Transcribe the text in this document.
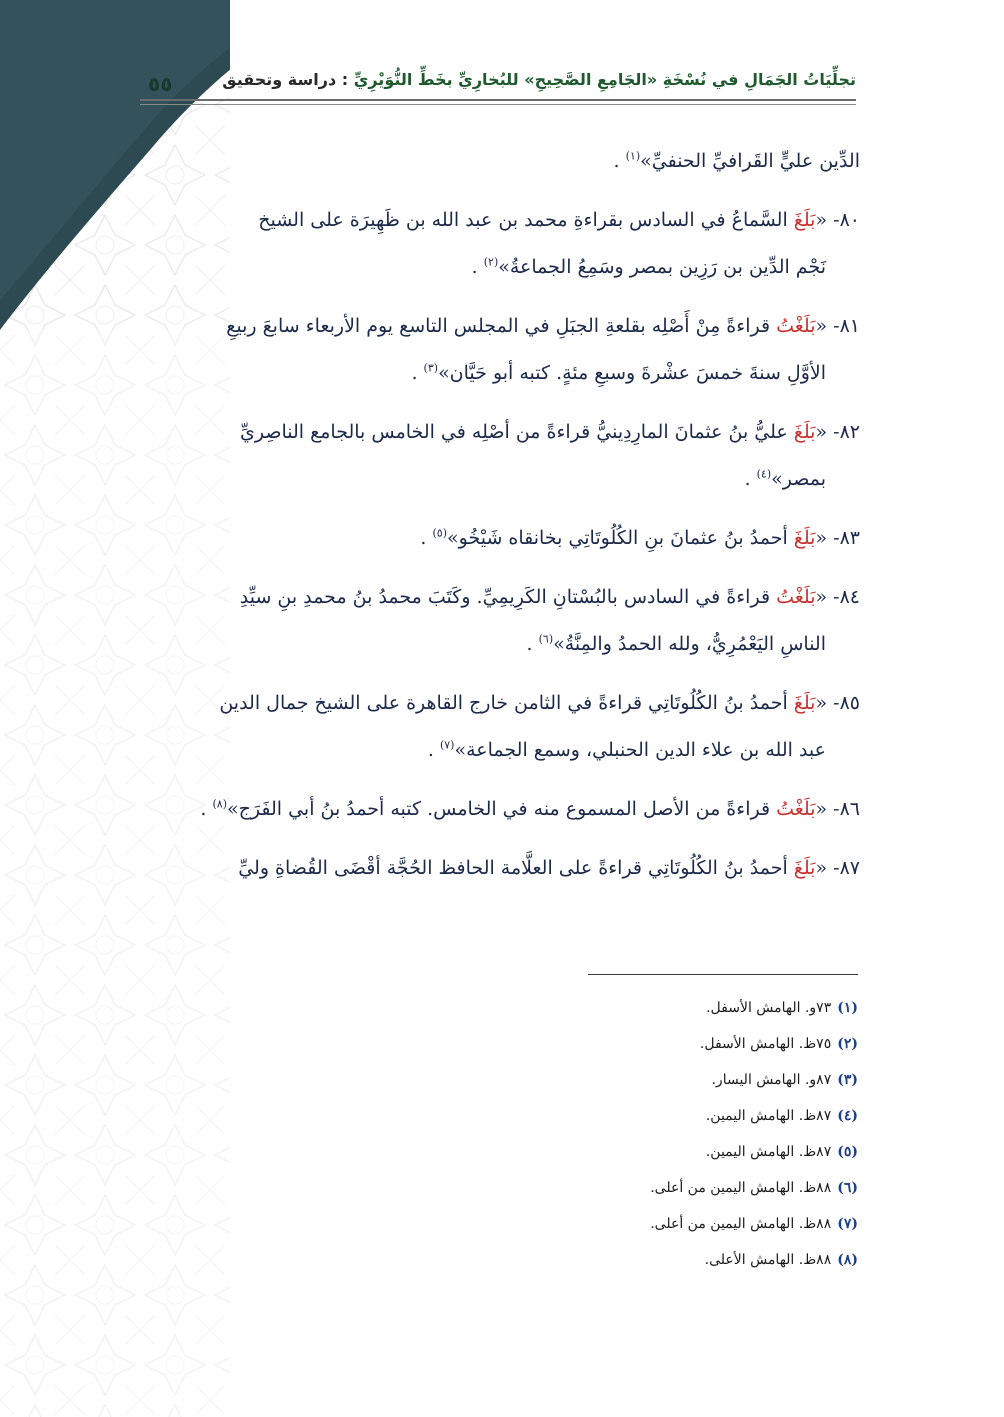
٥٥	تجلِّيَاتُ الجَمَالِ في نُسْخَةِ «الجَامِعِ الصَّحِيحِ» للبُخارِيِّ بخَطِّ النُّوَيْرِيِّ : دراسة وتحقيق
الدِّين عليٍّ القَرافيِّ الحنفيِّ»$^{(١)}$ .
٨٠- «بَلَغَ السَّماعُ في السادس بقراءةِ محمد بن عبد الله بن ظَهِيرَة على الشيخ
نَجْم الدِّين بن رَزِين بمصر وسَمِعُ الجماعةُ»$^{(٢)}$ .
٨١- «بَلَغْتُ قراءةً مِنْ أَصْلِه بقلعةِ الجبَلِ في المجلس التاسع يوم الأربعاء سابعَ ربيعِ
الأوَّلِ سنةَ خمسَ عشْرةَ وسبعِ مئةٍ. كتبه أبو حَيَّان»$^{(٣)}$ .
٨٢- «بَلَغَ عليُّ بنُ عثمانَ المارِدِينيُّ قراءةً من أصْلِه في الخامس بالجامع الناصِريِّ
بمصر»$^{(٤)}$ .
٨٣- «بَلَغَ أحمدُ بنُ عثمانَ بنِ الكُلُوتَاتِي بخانقاه شَيْخُو»$^{(٥)}$ .
٨٤- «بَلَغْتُ قراءةً في السادس بالبُسْتانِ الكَرِيمِيِّ. وكَتَبَ محمدُ بنُ محمدِ بنِ سيِّدِ
الناسِ اليَعْمُرِيُّ، ولله الحمدُ والمِنَّةُ»$^{(٦)}$ .
٨٥- «بَلَغَ أحمدُ بنُ الكُلُوتَاتِي قراءةً في الثامن خارج القاهرة على الشيخ جمال الدين
عبد الله بن علاء الدين الحنبلي، وسمع الجماعة»$^{(٧)}$ .
٨٦- «بَلَغْتُ قراءةً من الأصل المسموع منه في الخامس. كتبه أحمدُ بنُ أبي الفَرَج»$^{(٨)}$ .
٨٧- «بَلَغَ أحمدُ بنُ الكُلُوتَاتِي قراءةً على العلَّامة الحافظ الحُجَّة أقْضَى القُضاةِ وليِّ
(١)٧٣و. الهامش الأسفل.
(٢)٧٥ظ. الهامش الأسفل.
(٣)٨٧و. الهامش اليسار.
(٤)٨٧ظ. الهامش اليمين.
(٥)٨٧ظ. الهامش اليمين.
(٦)٨٨ظ. الهامش اليمين من أعلى.
(٧)٨٨ظ. الهامش اليمين من أعلى.
(٨)٨٨ظ. الهامش الأعلى.
